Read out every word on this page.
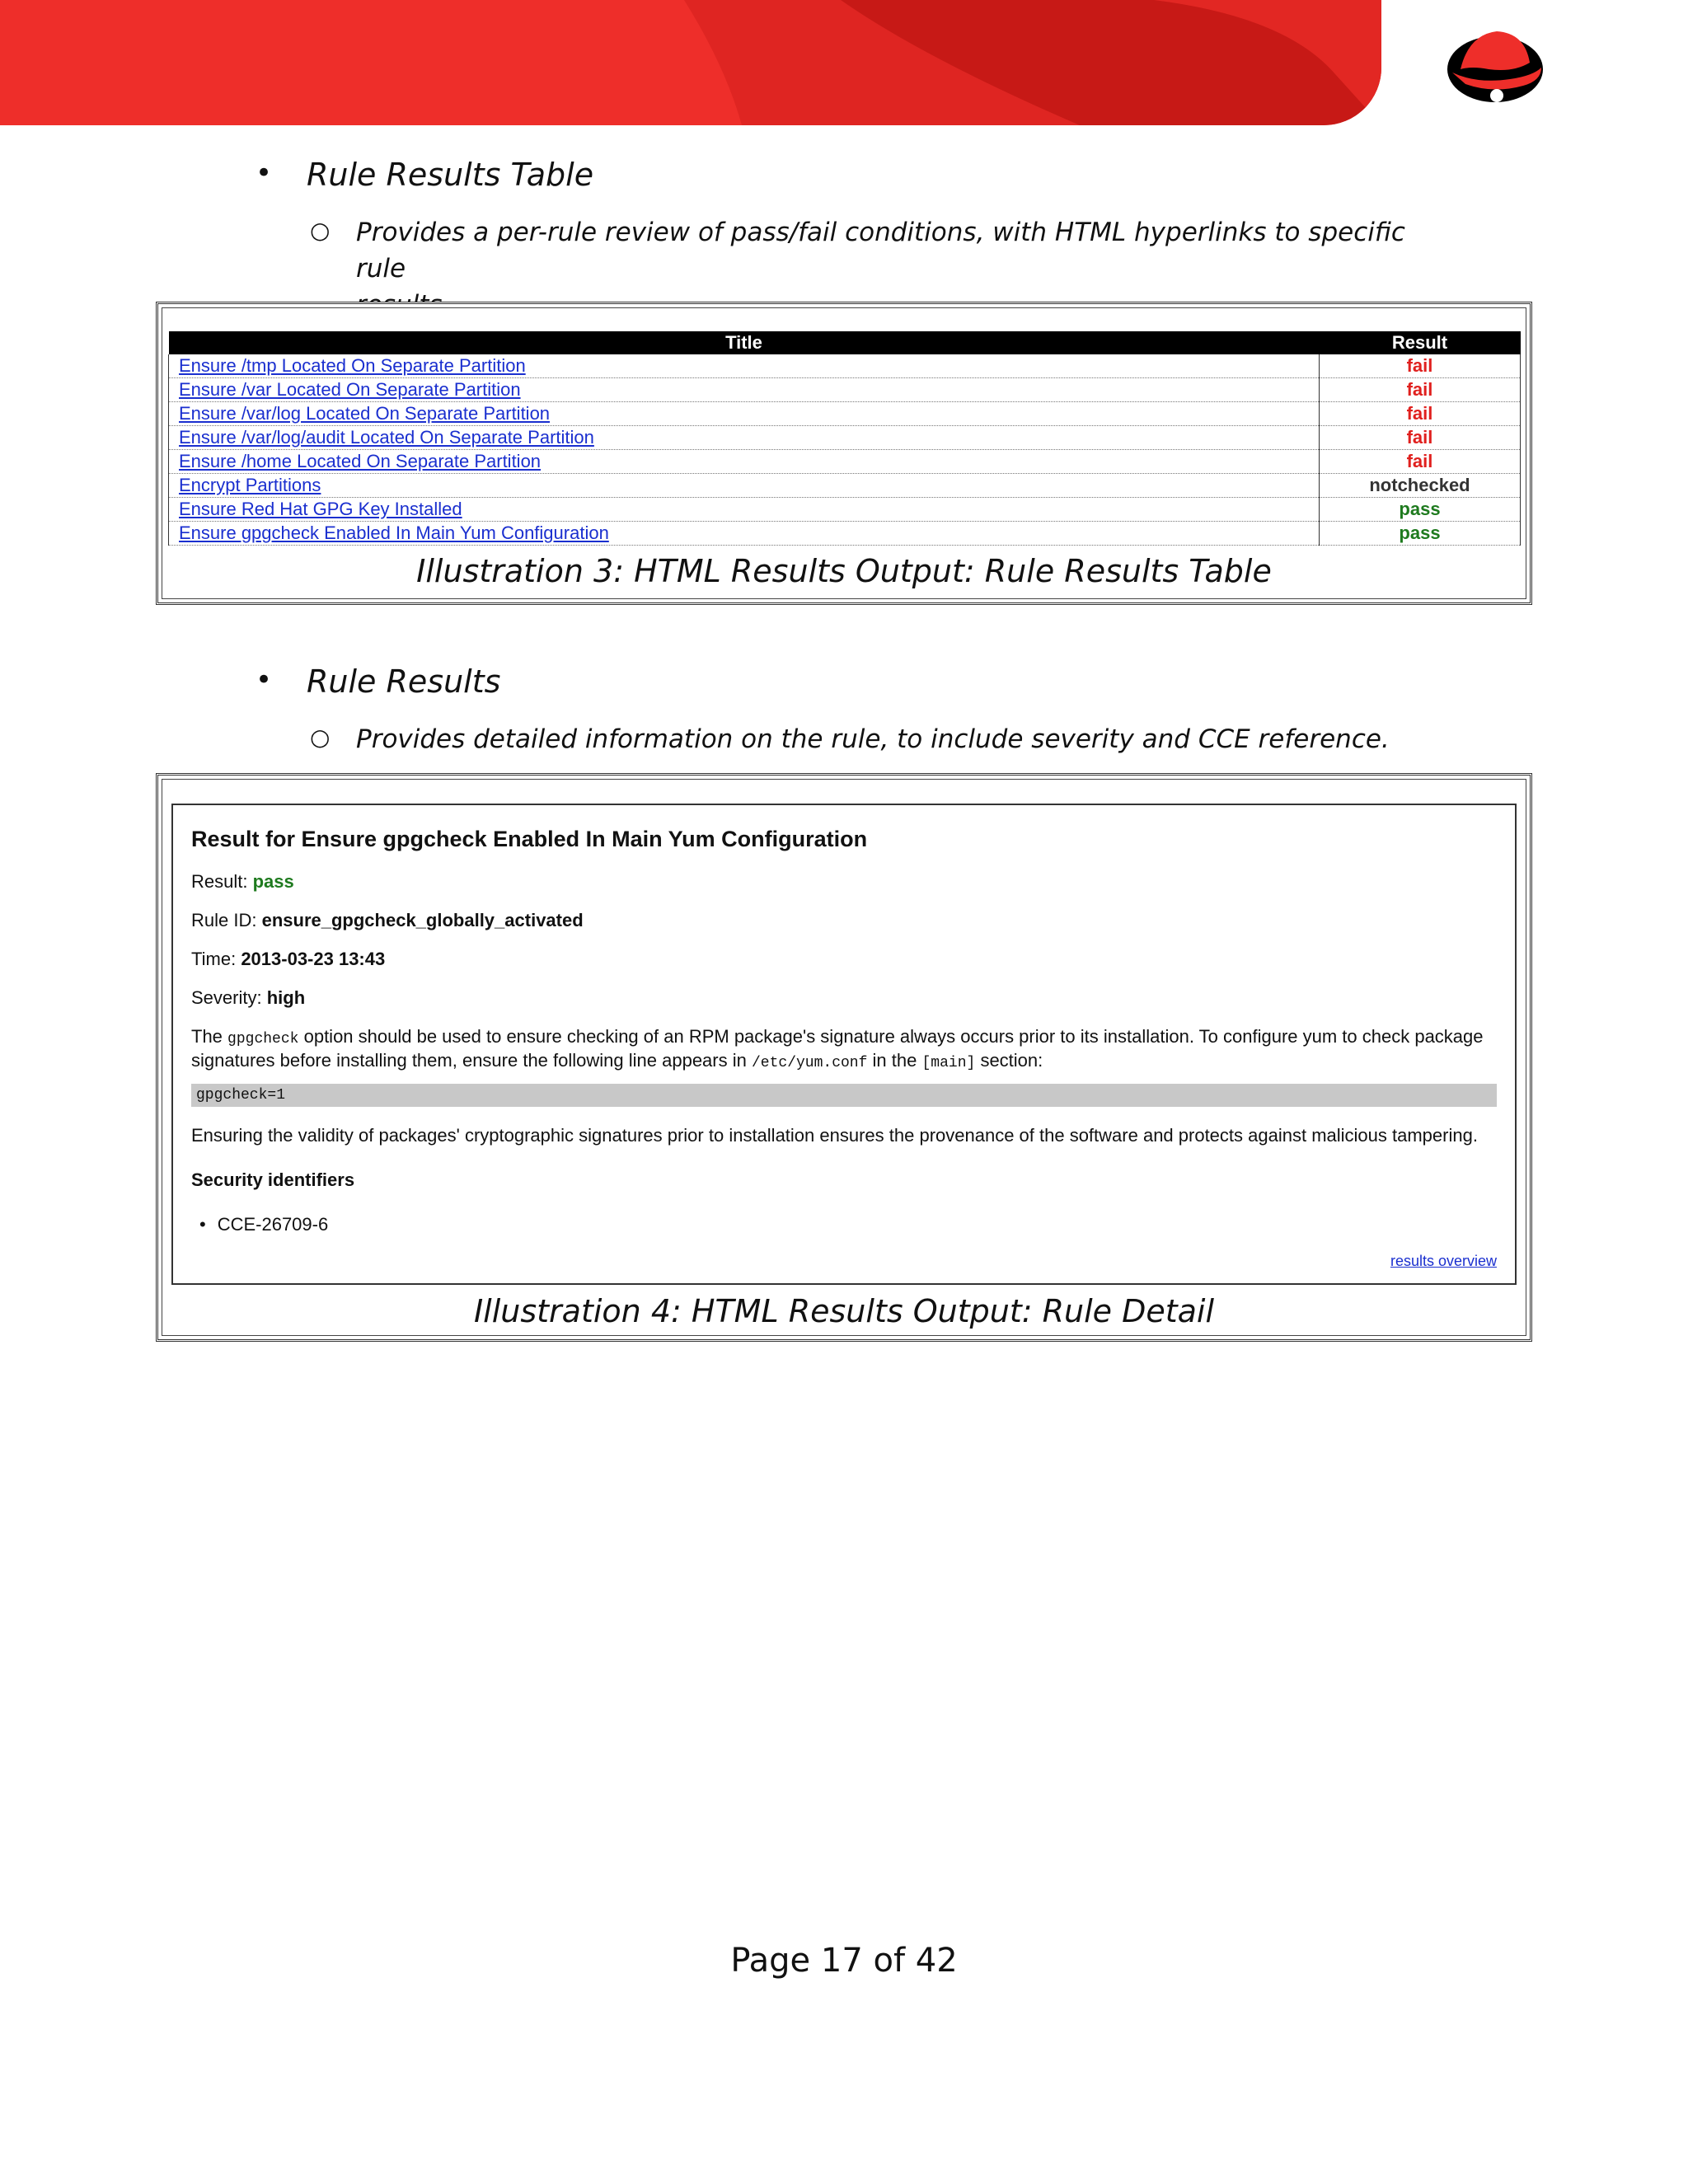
• Rule Results Table
○ Provides a per-rule review of pass/fail conditions, with HTML hyperlinks to specific rule
Illustration 3: HTML Results Output: Rule Results Table
Title	Result
Ensure /tmp Located On Separate Partition	fail
Ensure /var Located On Separate Partition	fail
Ensure /var/log Located On Separate Partition	fail
Ensure /var/log/audit Located On Separate Partition	fail
Ensure /home Located On Separate Partition	fail
Encrypt Partitions	notchecked
Ensure Red Hat GPG Key Installed	pass
Ensure gpgcheck Enabled In Main Yum Configuration	pass
• Rule Results
○ Provides detailed information on the rule, to include severity and CCE reference.
Illustration 4: HTML Results Output: Rule Detail
Result for Ensure gpgcheck Enabled In Main Yum Configuration
Result: pass
Rule ID: ensure_gpgcheck_globally_activated
Time: 2013-03-23 13:43
Severity: high
The gpgcheck option should be used to ensure checking of an RPM package's signature always occurs prior to its installation. To configure yum to check package
signatures before installing them, ensure the following line appears in /etc/yum.conf in the [main] section:
gpgcheck=1
Ensuring the validity of packages' cryptographic signatures prior to installation ensures the provenance of the software and protects against malicious tampering.
Security identifiers
• CCE-26709-6
results overview
Page 17 of 42
